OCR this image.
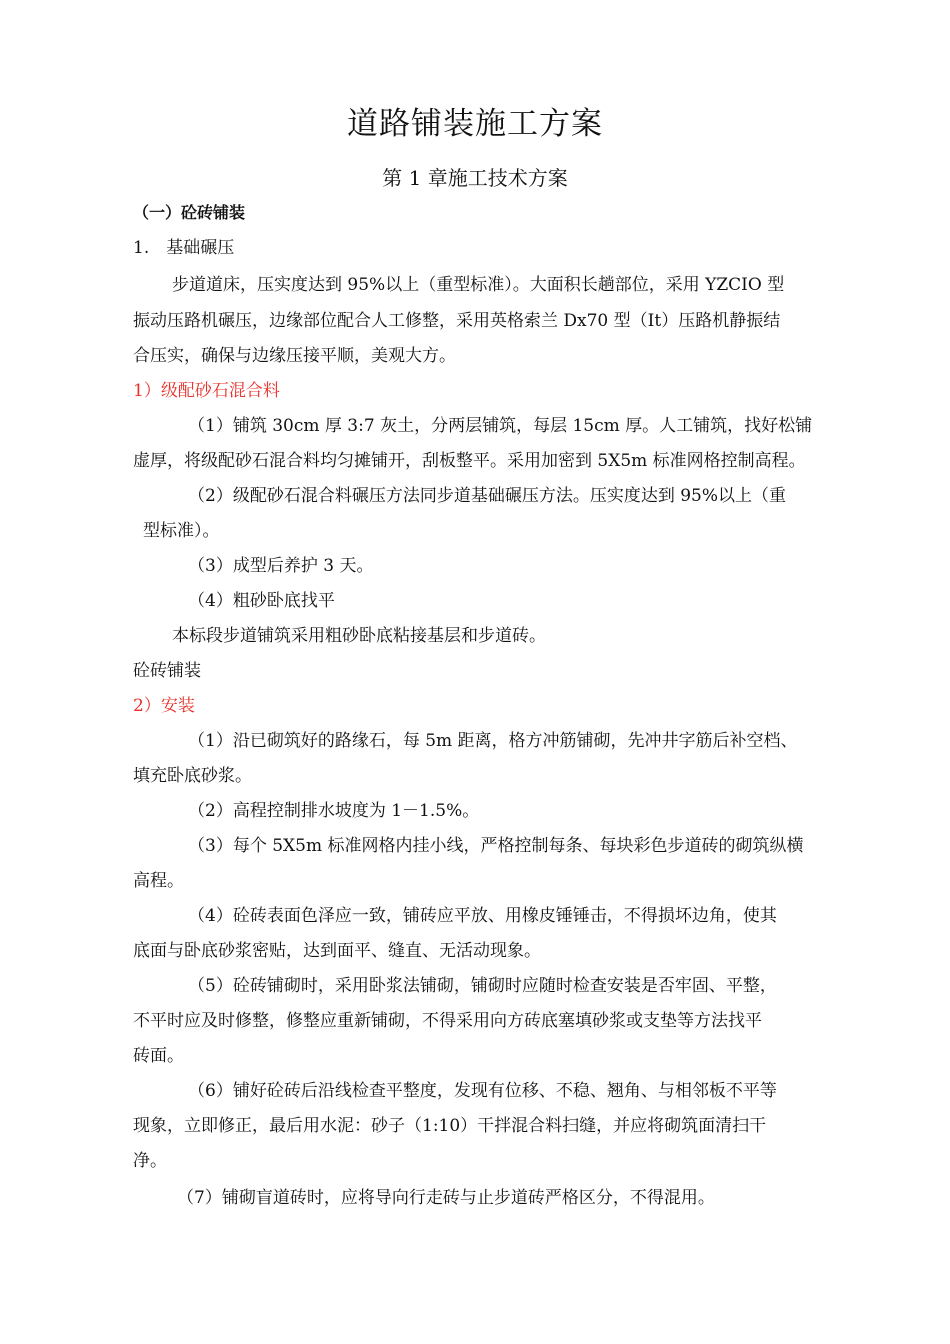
道路铺装施工方案
第 1 章施工技术方案
（一）砼砖铺装
1.　基础碾压
步道道床，压实度达到 95%以上（重型标准）。大面积长趟部位，采用 YZCIO 型
振动压路机碾压，边缘部位配合人工修整，采用英格索兰 Dx70 型（It）压路机静振结
合压实，确保与边缘压接平顺，美观大方。
1）级配砂石混合料
（1）铺筑 30cm 厚 3:7 灰土，分两层铺筑，每层 15cm 厚。人工铺筑，找好松铺
虚厚，将级配砂石混合料均匀摊铺开，刮板整平。采用加密到 5X5m 标准网格控制高程。
（2）级配砂石混合料碾压方法同步道基础碾压方法。压实度达到 95%以上（重
型标准）。
（3）成型后养护 3 天。
（4）粗砂卧底找平
本标段步道铺筑采用粗砂卧底粘接基层和步道砖。
砼砖铺装
2）安装
（1）沿已砌筑好的路缘石，每 5m 距离，格方冲筋铺砌，先冲井字筋后补空档、
填充卧底砂浆。
（2）高程控制排水坡度为 1－1.5%。
（3）每个 5X5m 标准网格内挂小线，严格控制每条、每块彩色步道砖的砌筑纵横
高程。
（4）砼砖表面色泽应一致，铺砖应平放、用橡皮锤锤击，不得损坏边角，使其
底面与卧底砂浆密贴，达到面平、缝直、无活动现象。
（5）砼砖铺砌时，采用卧浆法铺砌，铺砌时应随时检查安装是否牢固、平整，
不平时应及时修整，修整应重新铺砌，不得采用向方砖底塞填砂浆或支垫等方法找平
砖面。
（6）铺好砼砖后沿线检查平整度，发现有位移、不稳、翘角、与相邻板不平等
现象，立即修正，最后用水泥：砂子（1:10）干拌混合料扫缝，并应将砌筑面清扫干
净。
（7）铺砌盲道砖时，应将导向行走砖与止步道砖严格区分，不得混用。
